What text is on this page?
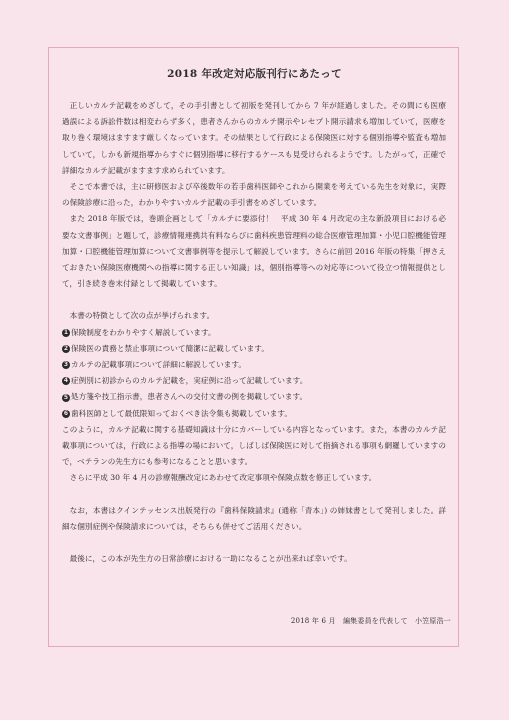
2018 年改定対応版刊行にあたって

正しいカルテ記載をめざして，その手引書として初版を発刊してから 7 年が経過しました。その間にも医療過誤による訴訟件数は相変わらず多く，患者さんからのカルテ開示やレセプト開示請求も増加していて，医療を取り巻く環境はますます厳しくなっています。その結果として行政による保険医に対する個別指導や監査も増加していて，しかも新規指導からすぐに個別指導に移行するケースも見受けられるようです。したがって，正確で詳細なカルテ記載がますます求められています。

そこで本書では，主に研修医および卒後数年の若手歯科医師やこれから開業を考えている先生を対象に，実際の保険診療に沿った，わかりやすいカルテ記載の手引書をめざしています。

また 2018 年版では，巻頭企画として「カルテに要添付！　平成 30 年 4 月改定の主な新設項目における必要な文書事例」と題して，診療情報連携共有料ならびに歯科疾患管理料の総合医療管理加算・小児口腔機能管理加算・口腔機能管理加算について文書事例等を提示して解説しています。さらに前回 2016 年版の特集「押さえておきたい保険医療機関への指導に関する正しい知識」は，個別指導等への対応等について役立つ情報提供として，引き続き巻末付録として掲載しています。

本書の特徴として次の点が挙げられます。

1 保険制度をわかりやすく解説しています。
2 保険医の責務と禁止事項について簡潔に記載しています。
3 カルテの記載事項について詳細に解説しています。
4 症例別に初診からのカルテ記載を，実症例に沿って記載しています。
5 処方箋や技工指示書，患者さんへの交付文書の例を掲載しています。
6 歯科医師として最低限知っておくべき法令集も掲載しています。

このように，カルテ記載に関する基礎知識は十分にカバーしている内容となっています。また，本書のカルテ記載事項については，行政による指導の場において，しばしば保険医に対して指摘される事項も網羅していますので，ベテランの先生方にも参考になることと思います。

さらに平成 30 年 4 月の診療報酬改定にあわせて改定事項や保険点数を修正しています。

なお，本書はクインテッセンス出版発行の『歯科保険請求』(通称「青本」) の姉妹書として発刊しました。詳細な個別症例や保険請求については，そちらも併せてご活用ください。

最後に，この本が先生方の日常診療における一助になることが出来れば幸いです。

2018 年 6 月　編集委員を代表して　小笠原浩一
